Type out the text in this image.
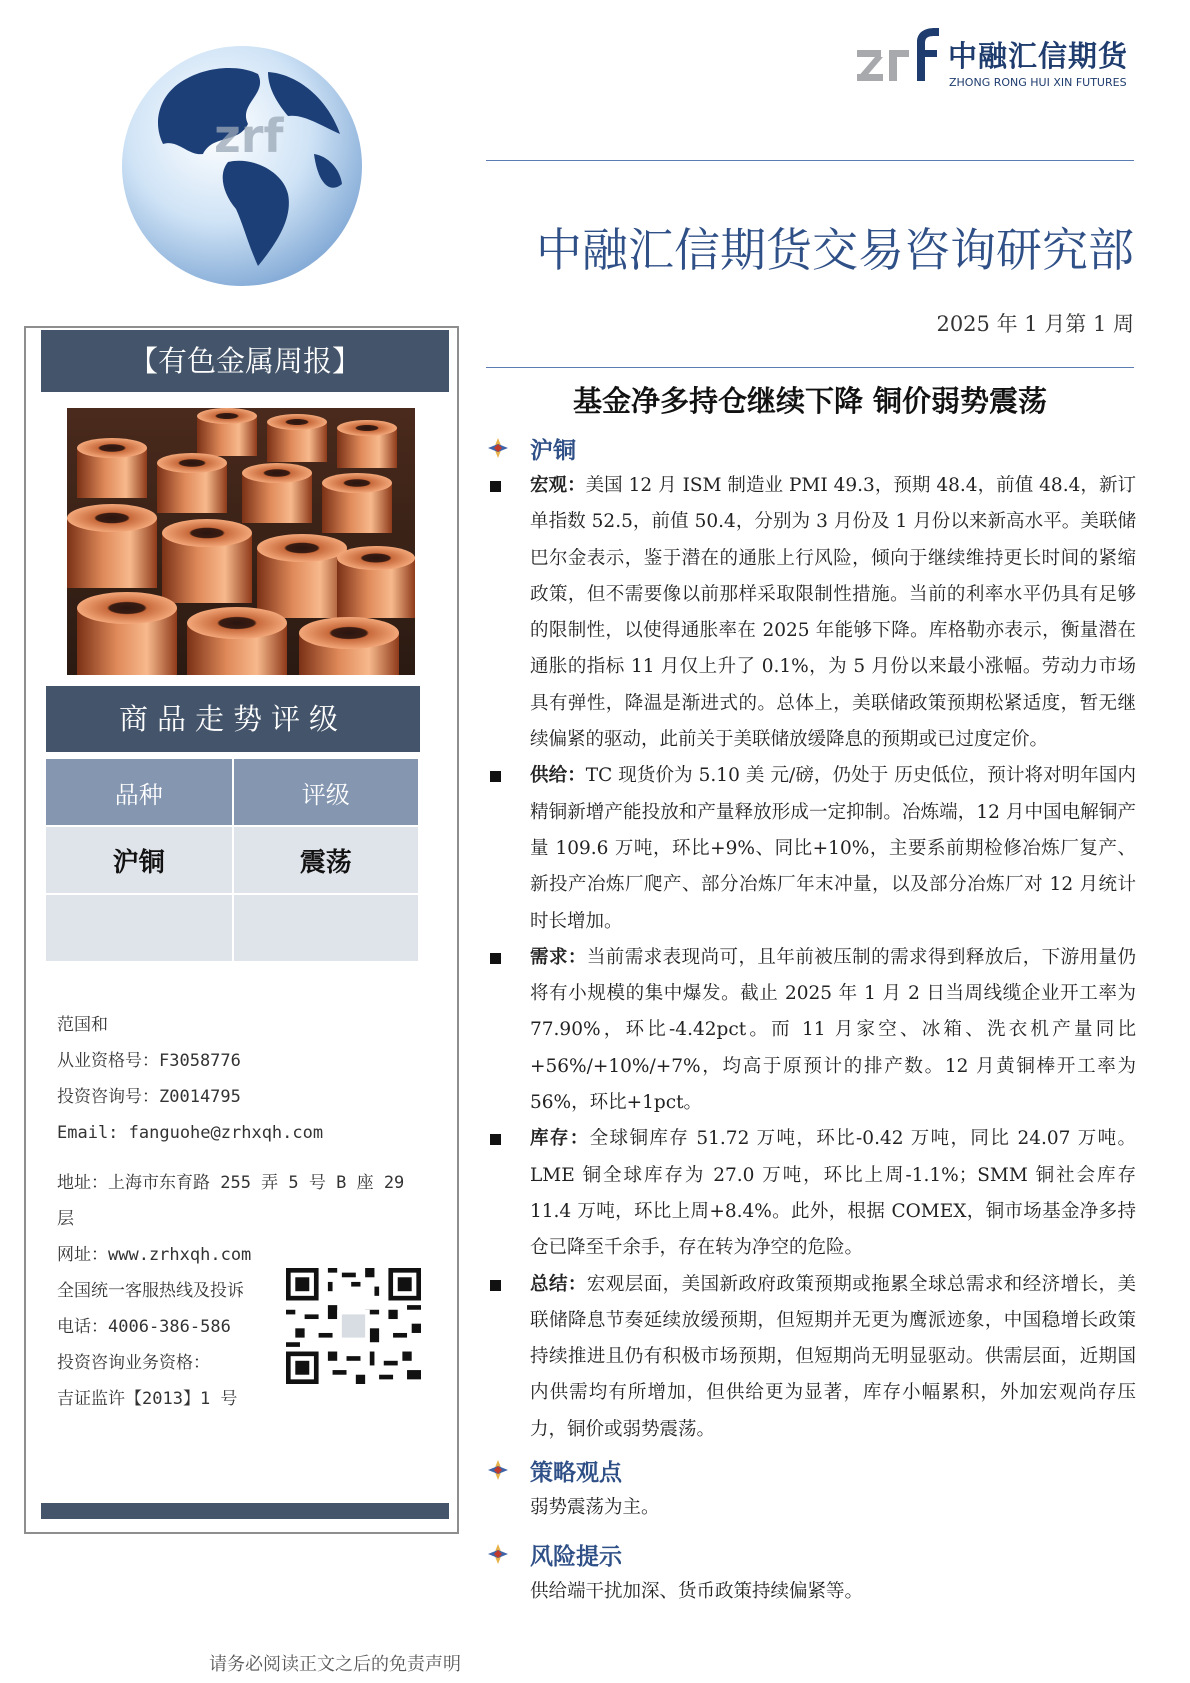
zrf
中融汇信期货
ZHONG RONG HUI XIN FUTURES
中融汇信期货交易咨询研究部
2025 年 1 月第 1 周
基金净多持仓继续下降 铜价弱势震荡
【有色金属周报】
商品走势评级
品种	评级
沪铜	震荡

范国和
从业资格号：F3058776
投资咨询号：Z0014795
Email: fanguohe@zrhxqh.com
地址：上海市东育路 255 弄 5 号 B 座 29
层
网址：www.zrhxqh.com
全国统一客服热线及投诉
电话：4006-386-586
投资咨询业务资格：
吉证监许【2013】1 号
沪铜
宏观：美国 12 月 ISM 制造业 PMI 49.3，预期 48.4，前值 48.4，新订单指数 52.5，前值 50.4，分别为 3 月份及 1 月份以来新高水平。美联储巴尔金表示，鉴于潜在的通胀上行风险，倾向于继续维持更长时间的紧缩政策，但不需要像以前那样采取限制性措施。当前的利率水平仍具有足够的限制性，以使得通胀率在 2025 年能够下降。库格勒亦表示，衡量潜在通胀的指标 11 月仅上升了 0.1%，为 5 月份以来最小涨幅。劳动力市场具有弹性，降温是渐进式的。总体上，美联储政策预期松紧适度，暂无继续偏紧的驱动，此前关于美联储放缓降息的预期或已过度定价。
供给：TC 现货价为 5.10 美 元/磅，仍处于 历史低位，预计将对明年国内精铜新增产能投放和产量释放形成一定抑制。冶炼端，12 月中国电解铜产量 109.6 万吨，环比+9%、同比+10%，主要系前期检修冶炼厂复产、新投产冶炼厂爬产、部分冶炼厂年末冲量，以及部分冶炼厂对 12 月统计时长增加。
需求：当前需求表现尚可，且年前被压制的需求得到释放后，下游用量仍将有小规模的集中爆发。截止 2025 年 1 月 2 日当周线缆企业开工率为 77.90%，环比-4.42pct。而 11 月家空、冰箱、洗衣机产量同比+56%/+10%/+7%，均高于原预计的排产数。12 月黄铜棒开工率为 56%，环比+1pct。
库存：全球铜库存 51.72 万吨，环比-0.42 万吨，同比 24.07 万吨。LME 铜全球库存为 27.0 万吨，环比上周-1.1%；SMM 铜社会库存 11.4 万吨，环比上周+8.4%。此外，根据 COMEX，铜市场基金净多持仓已降至千余手，存在转为净空的危险。
总结：宏观层面，美国新政府政策预期或拖累全球总需求和经济增长，美联储降息节奏延续放缓预期，但短期并无更为鹰派迹象，中国稳增长政策持续推进且仍有积极市场预期，但短期尚无明显驱动。供需层面，近期国内供需均有所增加，但供给更为显著，库存小幅累积，外加宏观尚存压力，铜价或弱势震荡。
策略观点
弱势震荡为主。
风险提示
供给端干扰加深、货币政策持续偏紧等。
请务必阅读正文之后的免责声明
